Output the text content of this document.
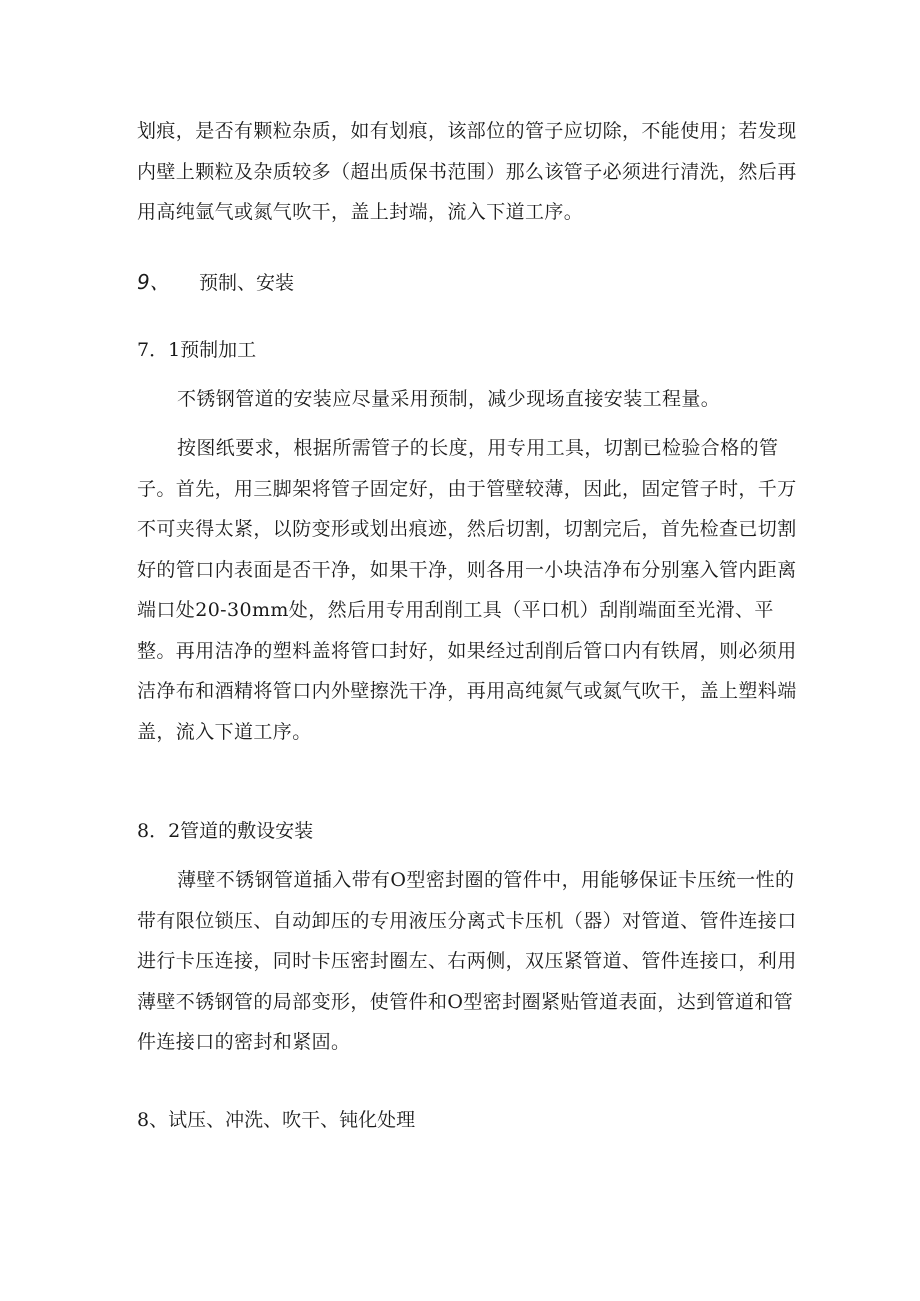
划痕，是否有颗粒杂质，如有划痕，该部位的管子应切除，不能使用；若发现内壁上颗粒及杂质较多（超出质保书范围）那么该管子必须进行清洗，然后再用高纯氩气或氮气吹干，盖上封端，流入下道工序。

9、 预制、安装
7．1预制加工

不锈钢管道的安装应尽量采用预制，减少现场直接安装工程量。

按图纸要求，根据所需管子的长度，用专用工具，切割已检验合格的管子。首先，用三脚架将管子固定好，由于管壁较薄，因此，固定管子时，千万不可夹得太紧，以防变形或划出痕迹，然后切割，切割完后，首先检查已切割好的管口内表面是否干净，如果干净，则各用一小块洁净布分别塞入管内距离端口处20-30mm处，然后用专用刮削工具（平口机）刮削端面至光滑、平整。再用洁净的塑料盖将管口封好，如果经过刮削后管口内有铁屑，则必须用洁净布和酒精将管口内外壁擦洗干净，再用高纯氮气或氮气吹干，盖上塑料端盖，流入下道工序。

8．2管道的敷设安装

薄壁不锈钢管道插入带有O型密封圈的管件中，用能够保证卡压统一性的带有限位锁压、自动卸压的专用液压分离式卡压机（器）对管道、管件连接口进行卡压连接，同时卡压密封圈左、右两侧，双压紧管道、管件连接口，利用薄壁不锈钢管的局部变形，使管件和O型密封圈紧贴管道表面，达到管道和管件连接口的密封和紧固。

8、试压、冲洗、吹干、钝化处理
